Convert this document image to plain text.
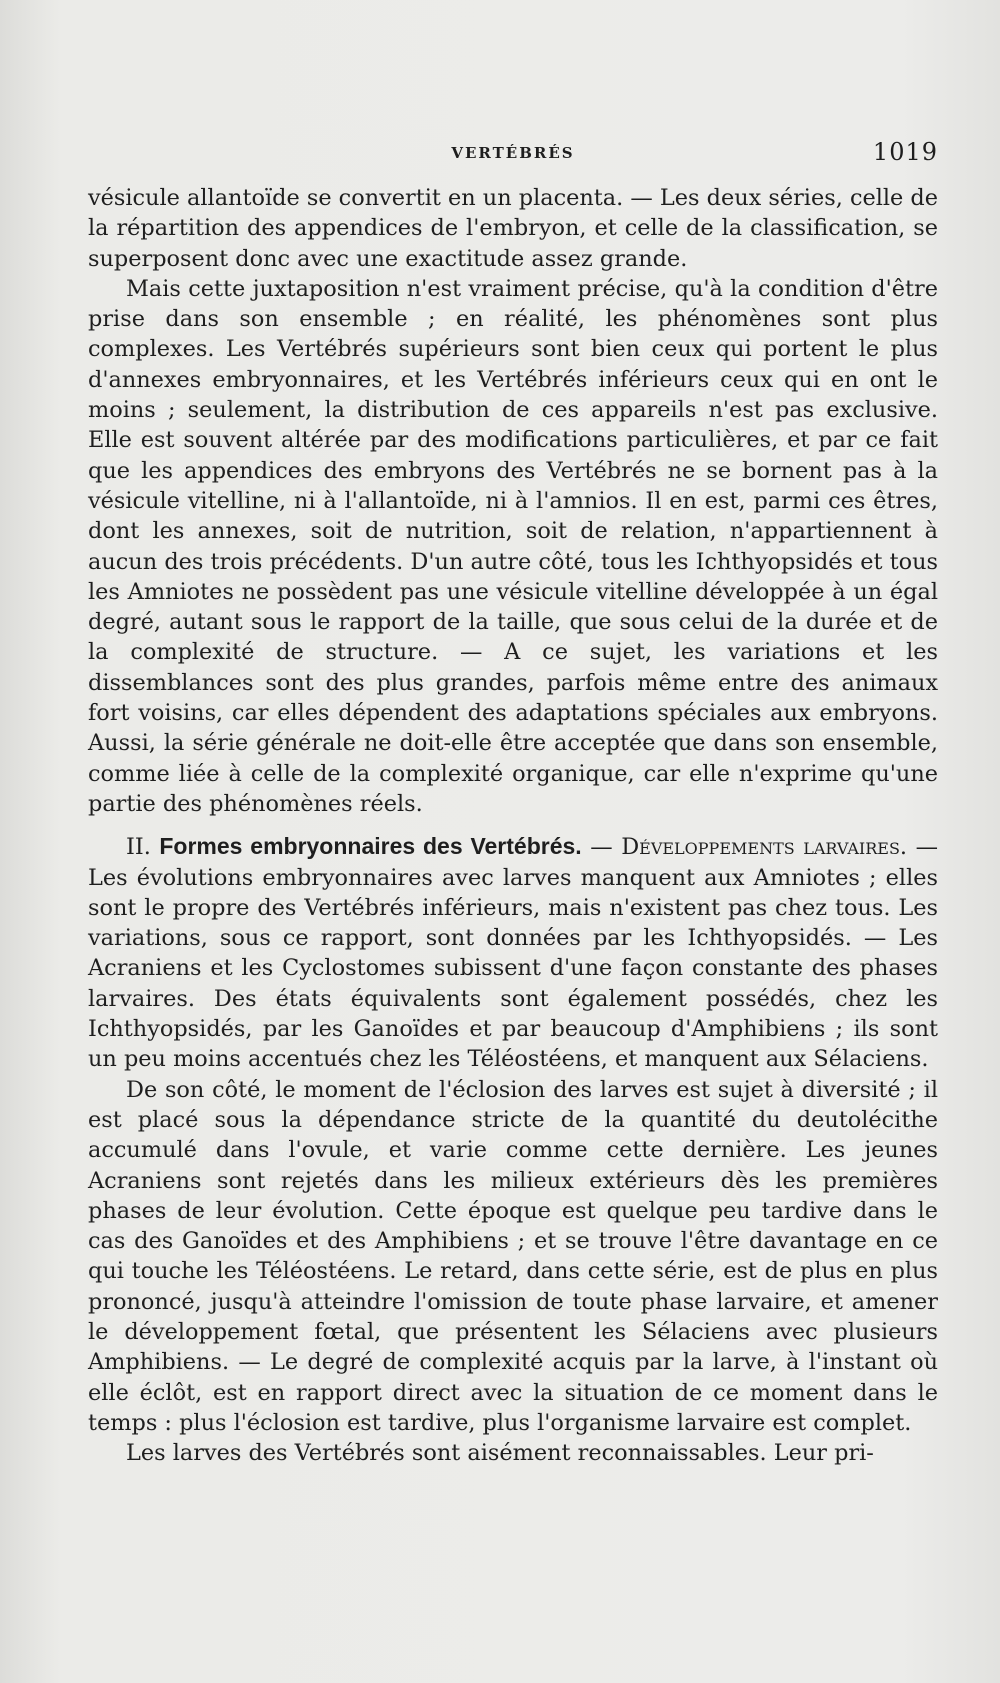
VERTÉBRÉS	1019

vésicule allantoïde se convertit en un placenta. — Les deux séries, celle de la répartition des appendices de l'embryon, et celle de la classification, se superposent donc avec une exactitude assez grande.

Mais cette juxtaposition n'est vraiment précise, qu'à la condition d'être prise dans son ensemble ; en réalité, les phénomènes sont plus complexes. Les Vertébrés supérieurs sont bien ceux qui portent le plus d'annexes embryonnaires, et les Vertébrés inférieurs ceux qui en ont le moins ; seulement, la distribution de ces appareils n'est pas exclusive. Elle est souvent altérée par des modifications particulières, et par ce fait que les appendices des embryons des Vertébrés ne se bornent pas à la vésicule vitelline, ni à l'allantoïde, ni à l'amnios. Il en est, parmi ces êtres, dont les annexes, soit de nutrition, soit de relation, n'appartiennent à aucun des trois précédents. D'un autre côté, tous les Ichthyopsidés et tous les Amniotes ne possèdent pas une vésicule vitelline développée à un égal degré, autant sous le rapport de la taille, que sous celui de la durée et de la complexité de structure. — A ce sujet, les variations et les dissemblances sont des plus grandes, parfois même entre des animaux fort voisins, car elles dépendent des adaptations spéciales aux embryons. Aussi, la série générale ne doit-elle être acceptée que dans son ensemble, comme liée à celle de la complexité organique, car elle n'exprime qu'une partie des phénomènes réels.

II. Formes embryonnaires des Vertébrés. — Développements larvaires. — Les évolutions embryonnaires avec larves manquent aux Amniotes ; elles sont le propre des Vertébrés inférieurs, mais n'existent pas chez tous. Les variations, sous ce rapport, sont données par les Ichthyopsidés. — Les Acraniens et les Cyclostomes subissent d'une façon constante des phases larvaires. Des états équivalents sont également possédés, chez les Ichthyopsidés, par les Ganoïdes et par beaucoup d'Amphibiens ; ils sont un peu moins accentués chez les Téléostéens, et manquent aux Sélaciens.

De son côté, le moment de l'éclosion des larves est sujet à diversité ; il est placé sous la dépendance stricte de la quantité du deutolécithe accumulé dans l'ovule, et varie comme cette dernière. Les jeunes Acraniens sont rejetés dans les milieux extérieurs dès les premières phases de leur évolution. Cette époque est quelque peu tardive dans le cas des Ganoïdes et des Amphibiens ; et se trouve l'être davantage en ce qui touche les Téléostéens. Le retard, dans cette série, est de plus en plus prononcé, jusqu'à atteindre l'omission de toute phase larvaire, et amener le développement fœtal, que présentent les Sélaciens avec plusieurs Amphibiens. — Le degré de complexité acquis par la larve, à l'instant où elle éclôt, est en rapport direct avec la situation de ce moment dans le temps : plus l'éclosion est tardive, plus l'organisme larvaire est complet.

Les larves des Vertébrés sont aisément reconnaissables. Leur pri-
